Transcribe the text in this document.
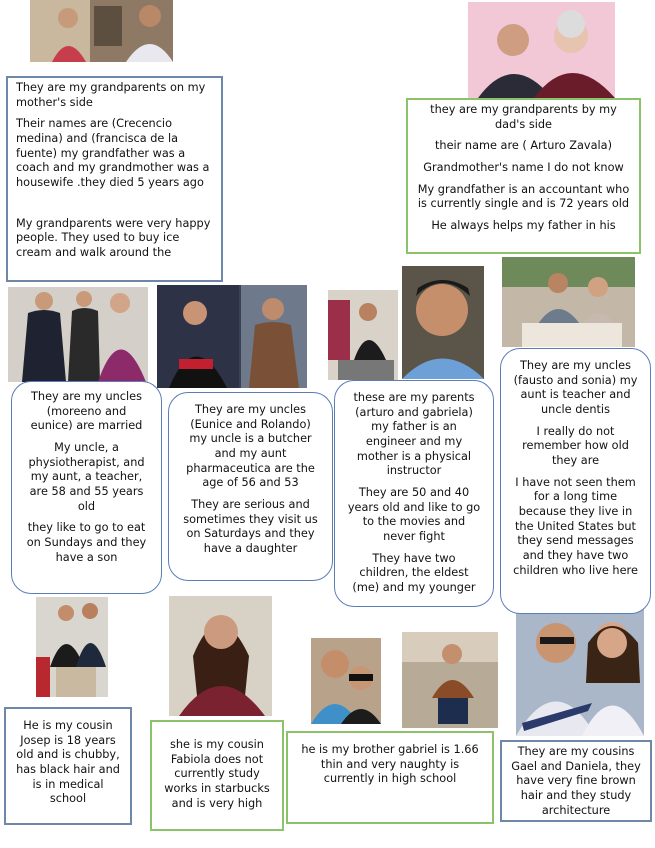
They are my grandparents on my mother's side

Their names are (Crecencio medina) and (francisca de la fuente) my grandfather was a coach and my grandmother was a housewife .they died 5 years ago

My grandparents were very happy people. They used to buy ice cream and walk around the

they are my grandparents by my dad's side

their name are ( Arturo Zavala)

Grandmother's name I do not know

My grandfather is an accountant who is currently single and is 72 years old

He always helps my father in his

They are my uncles (moreeno and eunice) are married

My uncle, a physiotherapist, and my aunt, a teacher, are 58 and 55 years old

they like to go to eat on Sundays and they have a son

They are my uncles (Eunice and Rolando) my uncle is a butcher and my aunt pharmaceutica are the age of 56 and 53

They are serious and sometimes they visit us on Saturdays and they have a daughter

these are my parents (arturo and gabriela) my father is an engineer and my mother is a physical instructor

They are 50 and 40 years old and like to go to the movies and never fight

They have two children, the eldest (me) and my younger

They are my uncles (fausto and sonia) my aunt is teacher and uncle dentis

I really do not remember how old they are

I have not seen them for a long time because they live in the United States but they send messages and they have two children who live here

He is my cousin Josep is 18 years old and is chubby, has black hair and is in medical school

she is my cousin Fabiola does not currently study works in starbucks and is very high

he is my brother gabriel is 1.66 thin and very naughty is currently in high school

They are my cousins Gael and Daniela, they have very fine brown hair and they study architecture
